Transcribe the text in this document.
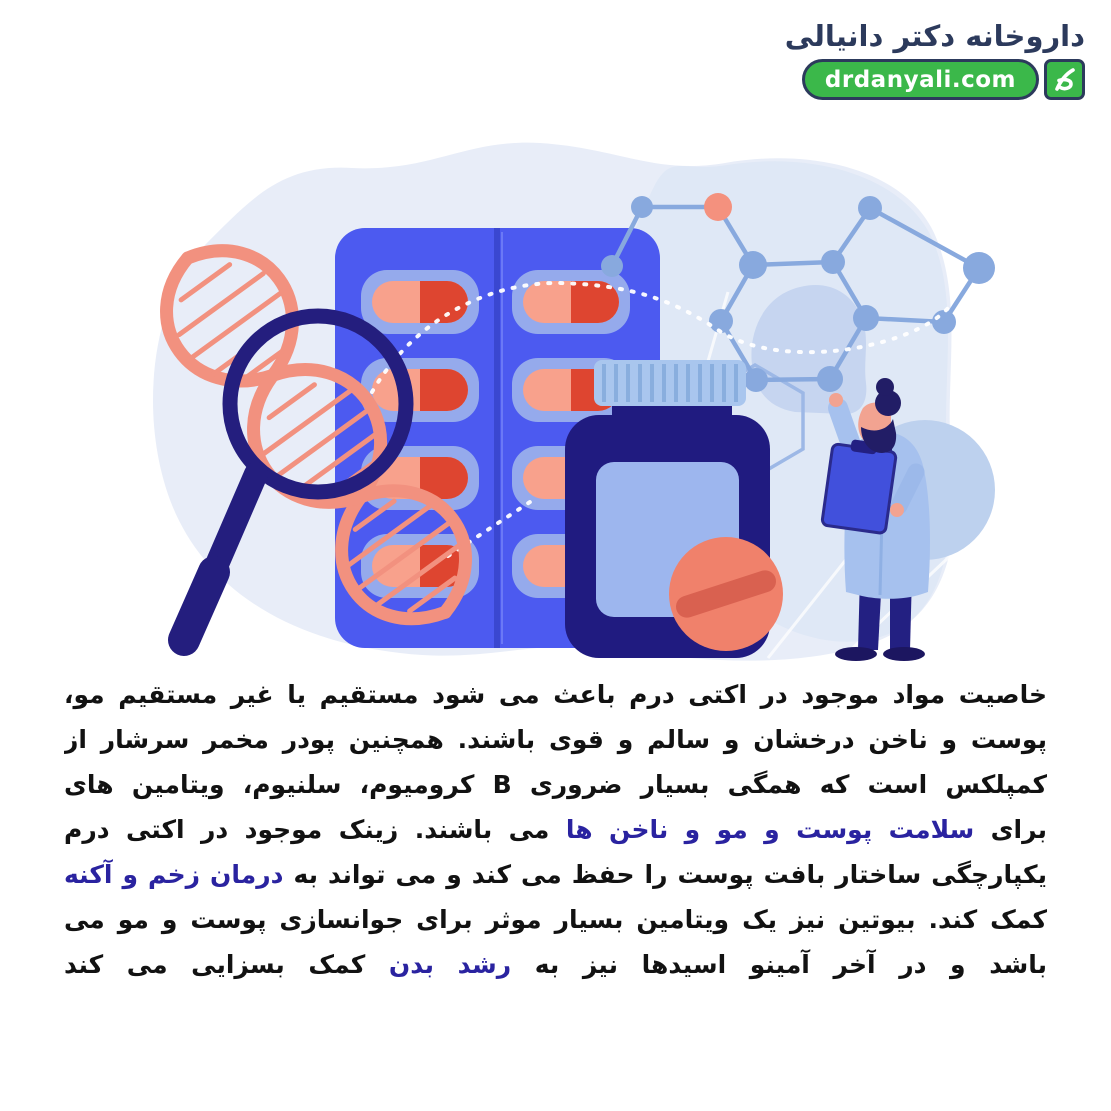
داروخانه دکتر دانیالی
drdanyali.com
خاصیت مواد موجود در اکتی درم باعث می شود مستقیم یا غیر مستقیم مو،
پوست و ناخن درخشان و سالم و قوی باشند. همچنین پودر مخمر سرشار از
کمپلکس است که همگی بسیار ضروری B کرومیوم، سلنیوم، ویتامین های
برای سلامت پوست و مو و ناخن ها می باشند. زینک موجود در اکتی درم
یکپارچگی ساختار بافت پوست را حفظ می کند و می تواند به درمان زخم و آکنه
کمک کند. بیوتین نیز یک ویتامین بسیار موثر برای جوانسازی پوست و مو می
باشد و در آخر آمینو اسیدها نیز به رشد بدن کمک بسزایی می کند
